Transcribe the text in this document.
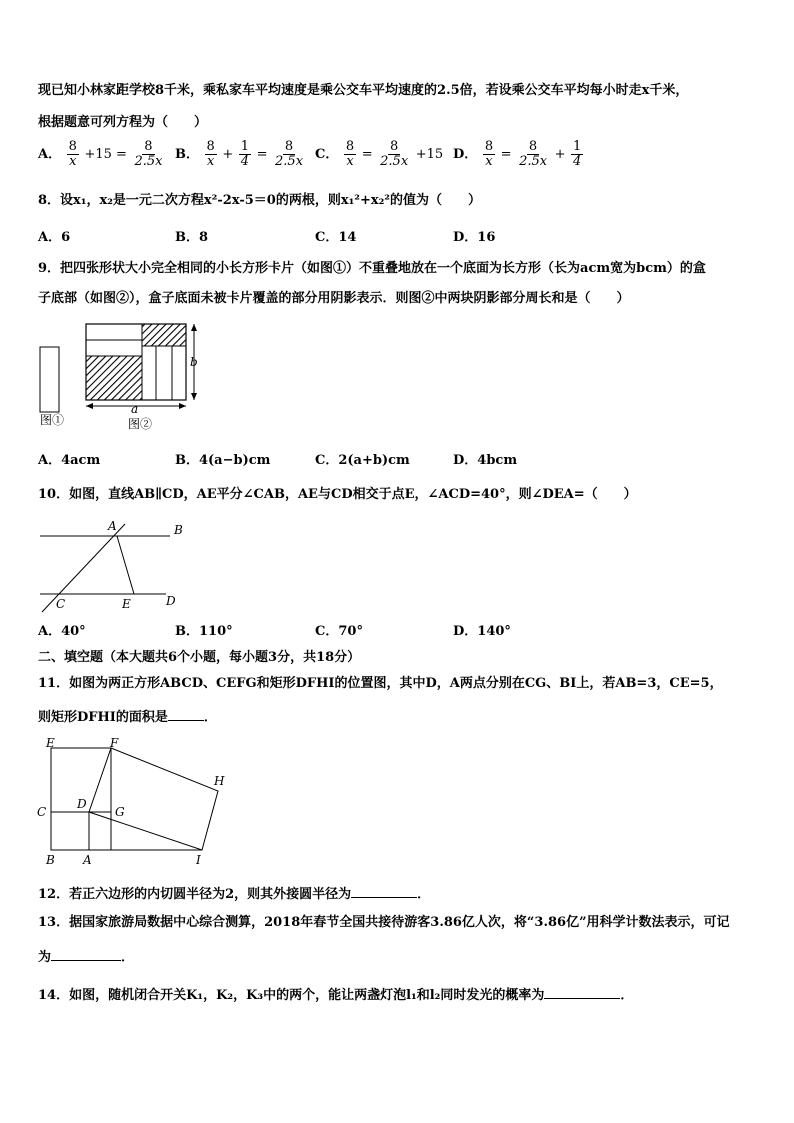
现已知小林家距学校8千米，乘私家车平均速度是乘公交车平均速度的2.5倍，若设乘公交车平均每小时走x千米，
根据题意可列方程为（　　）
A． $\frac{8}{x} +15 = \frac{8}{2.5x}$ B． $\frac{8}{x} + \frac{1}{4} = \frac{8}{2.5x}$ C． $\frac{8}{x} = \frac{8}{2.5x} +15$ D． $\frac{8}{x} = \frac{8}{2.5x} + \frac{1}{4}$
8．设x₁，x₂是一元二次方程x²-2x-5＝0的两根，则x₁²+x₂²的值为（　　）
A．6	B．8	C．14	D．16
9．把四张形状大小完全相同的小长方形卡片（如图①）不重叠地放在一个底面为长方形（长为acm宽为bcm）的盒
子底部（如图②），盒子底面未被卡片覆盖的部分用阴影表示．则图②中两块阴影部分周长和是（　　）
图①
b
a
图②
A．4acm	B．4(a−b)cm	C．2(a+b)cm	D．4bcm
10．如图，直线AB∥CD，AE平分∠CAB，AE与CD相交于点E，∠ACD=40°，则∠DEA=（　　）
A	B
C	E	D
A．40°	B．110°	C．70°	D．140°
二、填空题（本大题共6个小题，每小题3分，共18分）
11．如图为两正方形ABCD、CEFG和矩形DFHI的位置图，其中D，A两点分别在CG、BI上，若AB=3，CE=5，
则矩形DFHI的面积是	．
E	F
H
C
D
G
B A	I
12．若正六边形的内切圆半径为2，则其外接圆半径为	．
13．据国家旅游局数据中心综合测算，2018年春节全国共接待游客3.86亿人次，将“3.86亿”用科学计数法表示，可记
为	．
14．如图，随机闭合开关K₁，K₂，K₃中的两个，能让两盏灯泡l₁和l₂同时发光的概率为	．
